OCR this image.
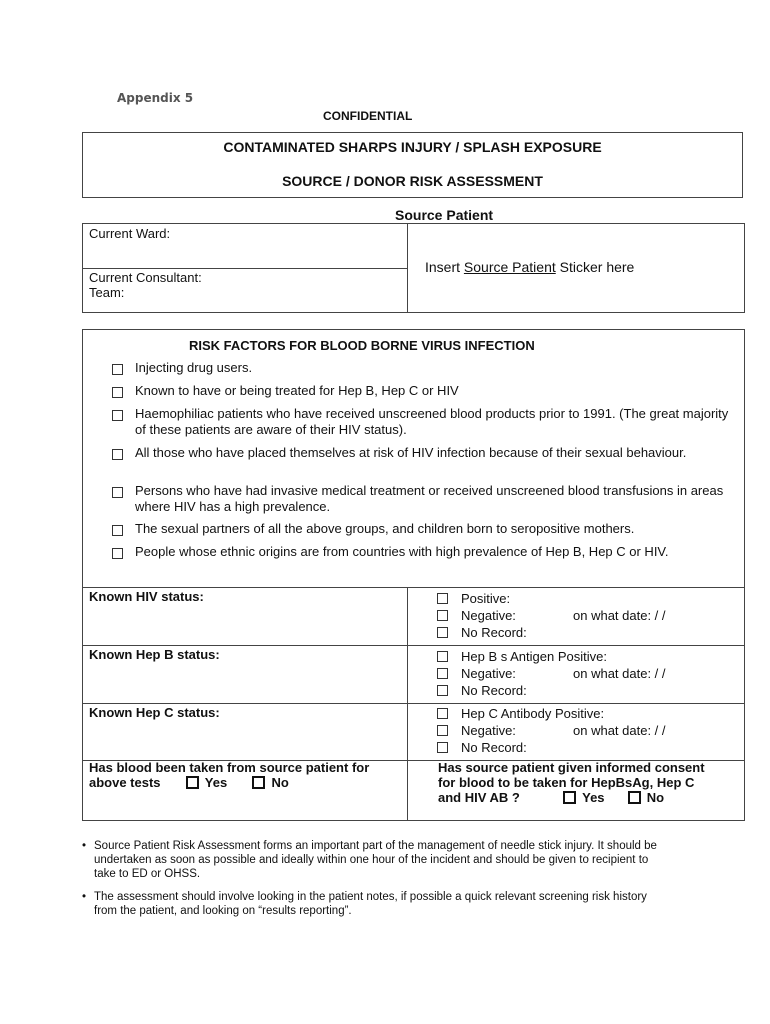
Appendix 5
CONFIDENTIAL
CONTAMINATED SHARPS INJURY / SPLASH EXPOSURE
SOURCE / DONOR RISK ASSESSMENT
Source Patient
Current Ward:
Current Consultant:
Team:
Insert Source Patient Sticker here
RISK FACTORS FOR BLOOD BORNE VIRUS INFECTION
Injecting drug users.
Known to have or being treated for Hep B, Hep C or HIV
Haemophiliac patients who have received unscreened blood products prior to 1991. (The great majority of these patients are aware of their HIV status).
All those who have placed themselves at risk of HIV infection because of their sexual behaviour.
Persons who have had invasive medical treatment or received unscreened blood transfusions in areas where HIV has a high prevalence.
The sexual partners of all the above groups, and children born to seropositive mothers.
People whose ethnic origins are from countries with high prevalence of Hep B, Hep C or HIV.
Known HIV status:	Positive:
Negative:	on what date: / /
No Record:
Known Hep B status:	Hep B s Antigen Positive:
Negative:	on what date: / /
No Record:
Known Hep C status:	Hep C Antibody Positive:
Negative:	on what date: / /
No Record:
Has blood been taken from source patient for
above tests	Yes	No
Has source patient given informed consent
for blood to be taken for HepBsAg, Hep C
and HIV AB ?	Yes	No
• Source Patient Risk Assessment forms an important part of the management of needle stick injury. It should be undertaken as soon as possible and ideally within one hour of the incident and should be given to recipient to take to ED or OHSS.
• The assessment should involve looking in the patient notes, if possible a quick relevant screening risk history from the patient, and looking on “results reporting”.
